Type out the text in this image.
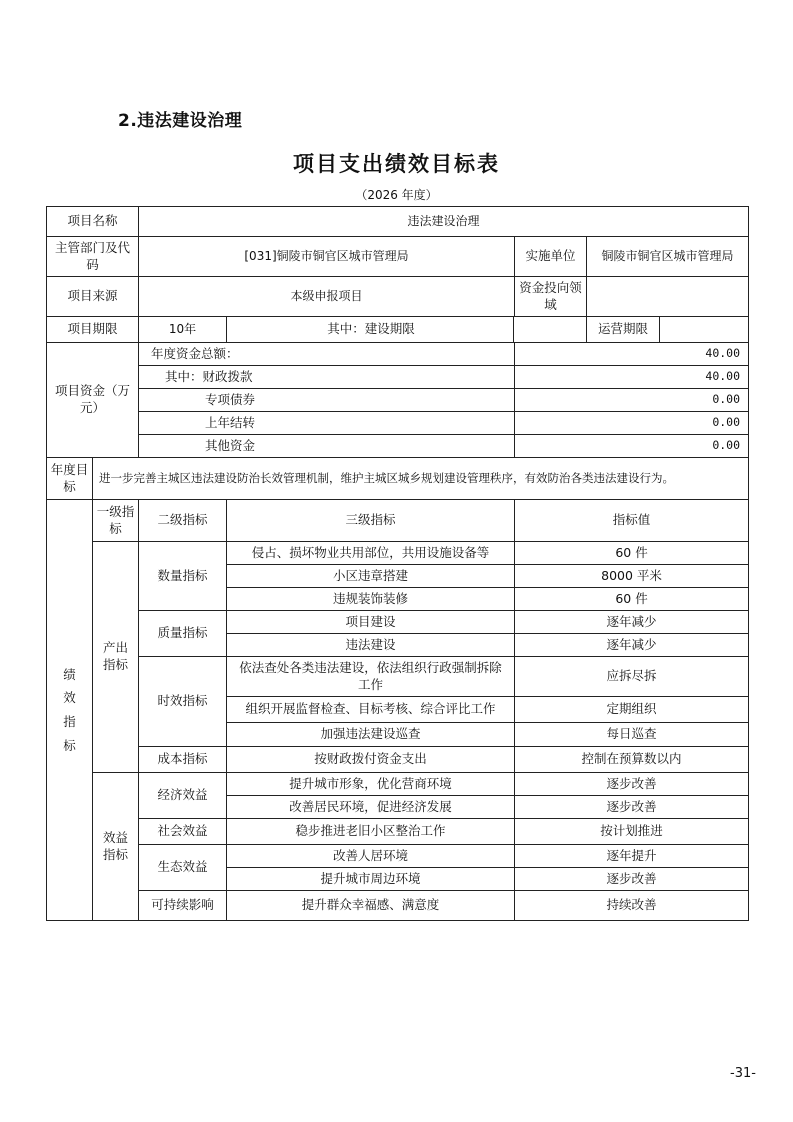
2.违法建设治理
项目支出绩效目标表
（2026 年度）
项目名称		违法建设治理			
主管部门及代码		[031]铜陵市铜官区城市管理局		实施单位	铜陵市铜官区城市管理局
项目来源		本级申报项目		资金投向领域	
项目期限		10年	其中：建设期限		运营期限

项目资金（万元）		年度资金总额：		40.00	
		其中：财政拨款		40.00	
		专项债券		0.00	
		上年结转		0.00	
		其他资金		0.00	
年度目标	进一步完善主城区违法建设防治长效管理机制，维护主城区城乡规划建设管理秩序，有效防治各类违法建设行为。				
绩效指标	一级指标	二级指标	三级指标	指标值	
	产出指标	数量指标	侵占、损坏物业共用部位，共用设施设备等	60 件	
			小区违章搭建	8000 平米	
			违规装饰装修	60 件	
		质量指标	项目建设	逐年减少	
			违法建设	逐年减少	
		时效指标	依法查处各类违法建设，依法组织行政强制拆除工作	应拆尽拆	
			组织开展监督检查、目标考核、综合评比工作	定期组织	
			加强违法建设巡查	每日巡查	
		成本指标	按财政拨付资金支出	控制在预算数以内	
	效益指标	经济效益	提升城市形象，优化营商环境	逐步改善	
			改善居民环境，促进经济发展	逐步改善	
		社会效益	稳步推进老旧小区整治工作	按计划推进	
		生态效益	改善人居环境	逐年提升	
			提升城市周边环境	逐步改善	
		可持续影响	提升群众幸福感、满意度	持续改善	
-31-
